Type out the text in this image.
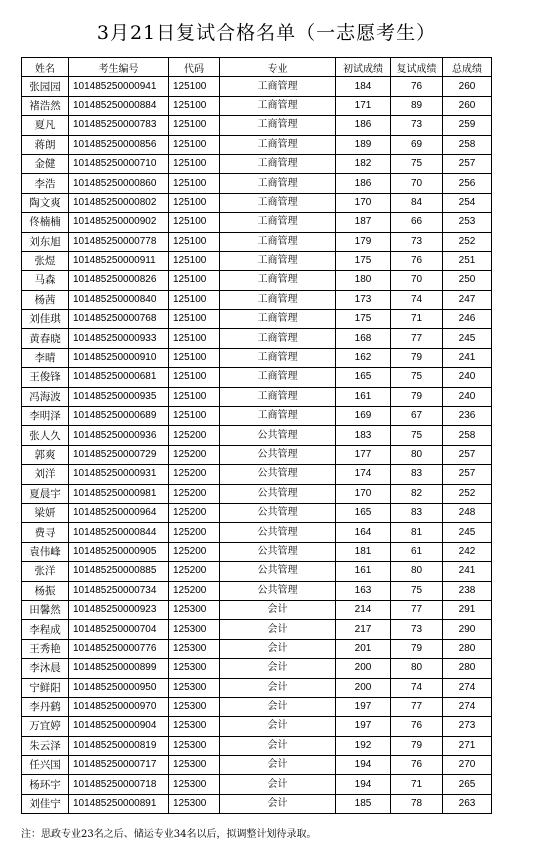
3月21日复试合格名单（一志愿考生）
姓名	考生编号	代码	专业	初试成绩	复试成绩	总成绩
张园园	101485250000941	125100	工商管理	184	76	260
褚浩然	101485250000884	125100	工商管理	171	89	260
夏凡	101485250000783	125100	工商管理	186	73	259
蒋朗	101485250000856	125100	工商管理	189	69	258
金健	101485250000710	125100	工商管理	182	75	257
李浩	101485250000860	125100	工商管理	186	70	256
陶文爽	101485250000802	125100	工商管理	170	84	254
佟楠楠	101485250000902	125100	工商管理	187	66	253
刘东旭	101485250000778	125100	工商管理	179	73	252
张煜	101485250000911	125100	工商管理	175	76	251
马森	101485250000826	125100	工商管理	180	70	250
杨茜	101485250000840	125100	工商管理	173	74	247
刘佳琪	101485250000768	125100	工商管理	175	71	246
黄春晓	101485250000933	125100	工商管理	168	77	245
李晴	101485250000910	125100	工商管理	162	79	241
王俊锋	101485250000681	125100	工商管理	165	75	240
冯海波	101485250000935	125100	工商管理	161	79	240
李明泽	101485250000689	125100	工商管理	169	67	236
张人久	101485250000936	125200	公共管理	183	75	258
郭爽	101485250000729	125200	公共管理	177	80	257
刘洋	101485250000931	125200	公共管理	174	83	257
夏晨宇	101485250000981	125200	公共管理	170	82	252
梁妍	101485250000964	125200	公共管理	165	83	248
费寻	101485250000844	125200	公共管理	164	81	245
袁伟峰	101485250000905	125200	公共管理	181	61	242
张洋	101485250000885	125200	公共管理	161	80	241
杨振	101485250000734	125200	公共管理	163	75	238
田馨然	101485250000923	125300	会计	214	77	291
李程成	101485250000704	125300	会计	217	73	290
王秀艳	101485250000776	125300	会计	201	79	280
李沐晨	101485250000899	125300	会计	200	80	280
宁鲜阳	101485250000950	125300	会计	200	74	274
李丹鹤	101485250000970	125300	会计	197	77	274
万宜婷	101485250000904	125300	会计	197	76	273
朱云泽	101485250000819	125300	会计	192	79	271
任兴国	101485250000717	125300	会计	194	76	270
杨环宇	101485250000718	125300	会计	194	71	265
刘佳宁	101485250000891	125300	会计	185	78	263
注：思政专业23名之后、储运专业34名以后，拟调整计划待录取。
